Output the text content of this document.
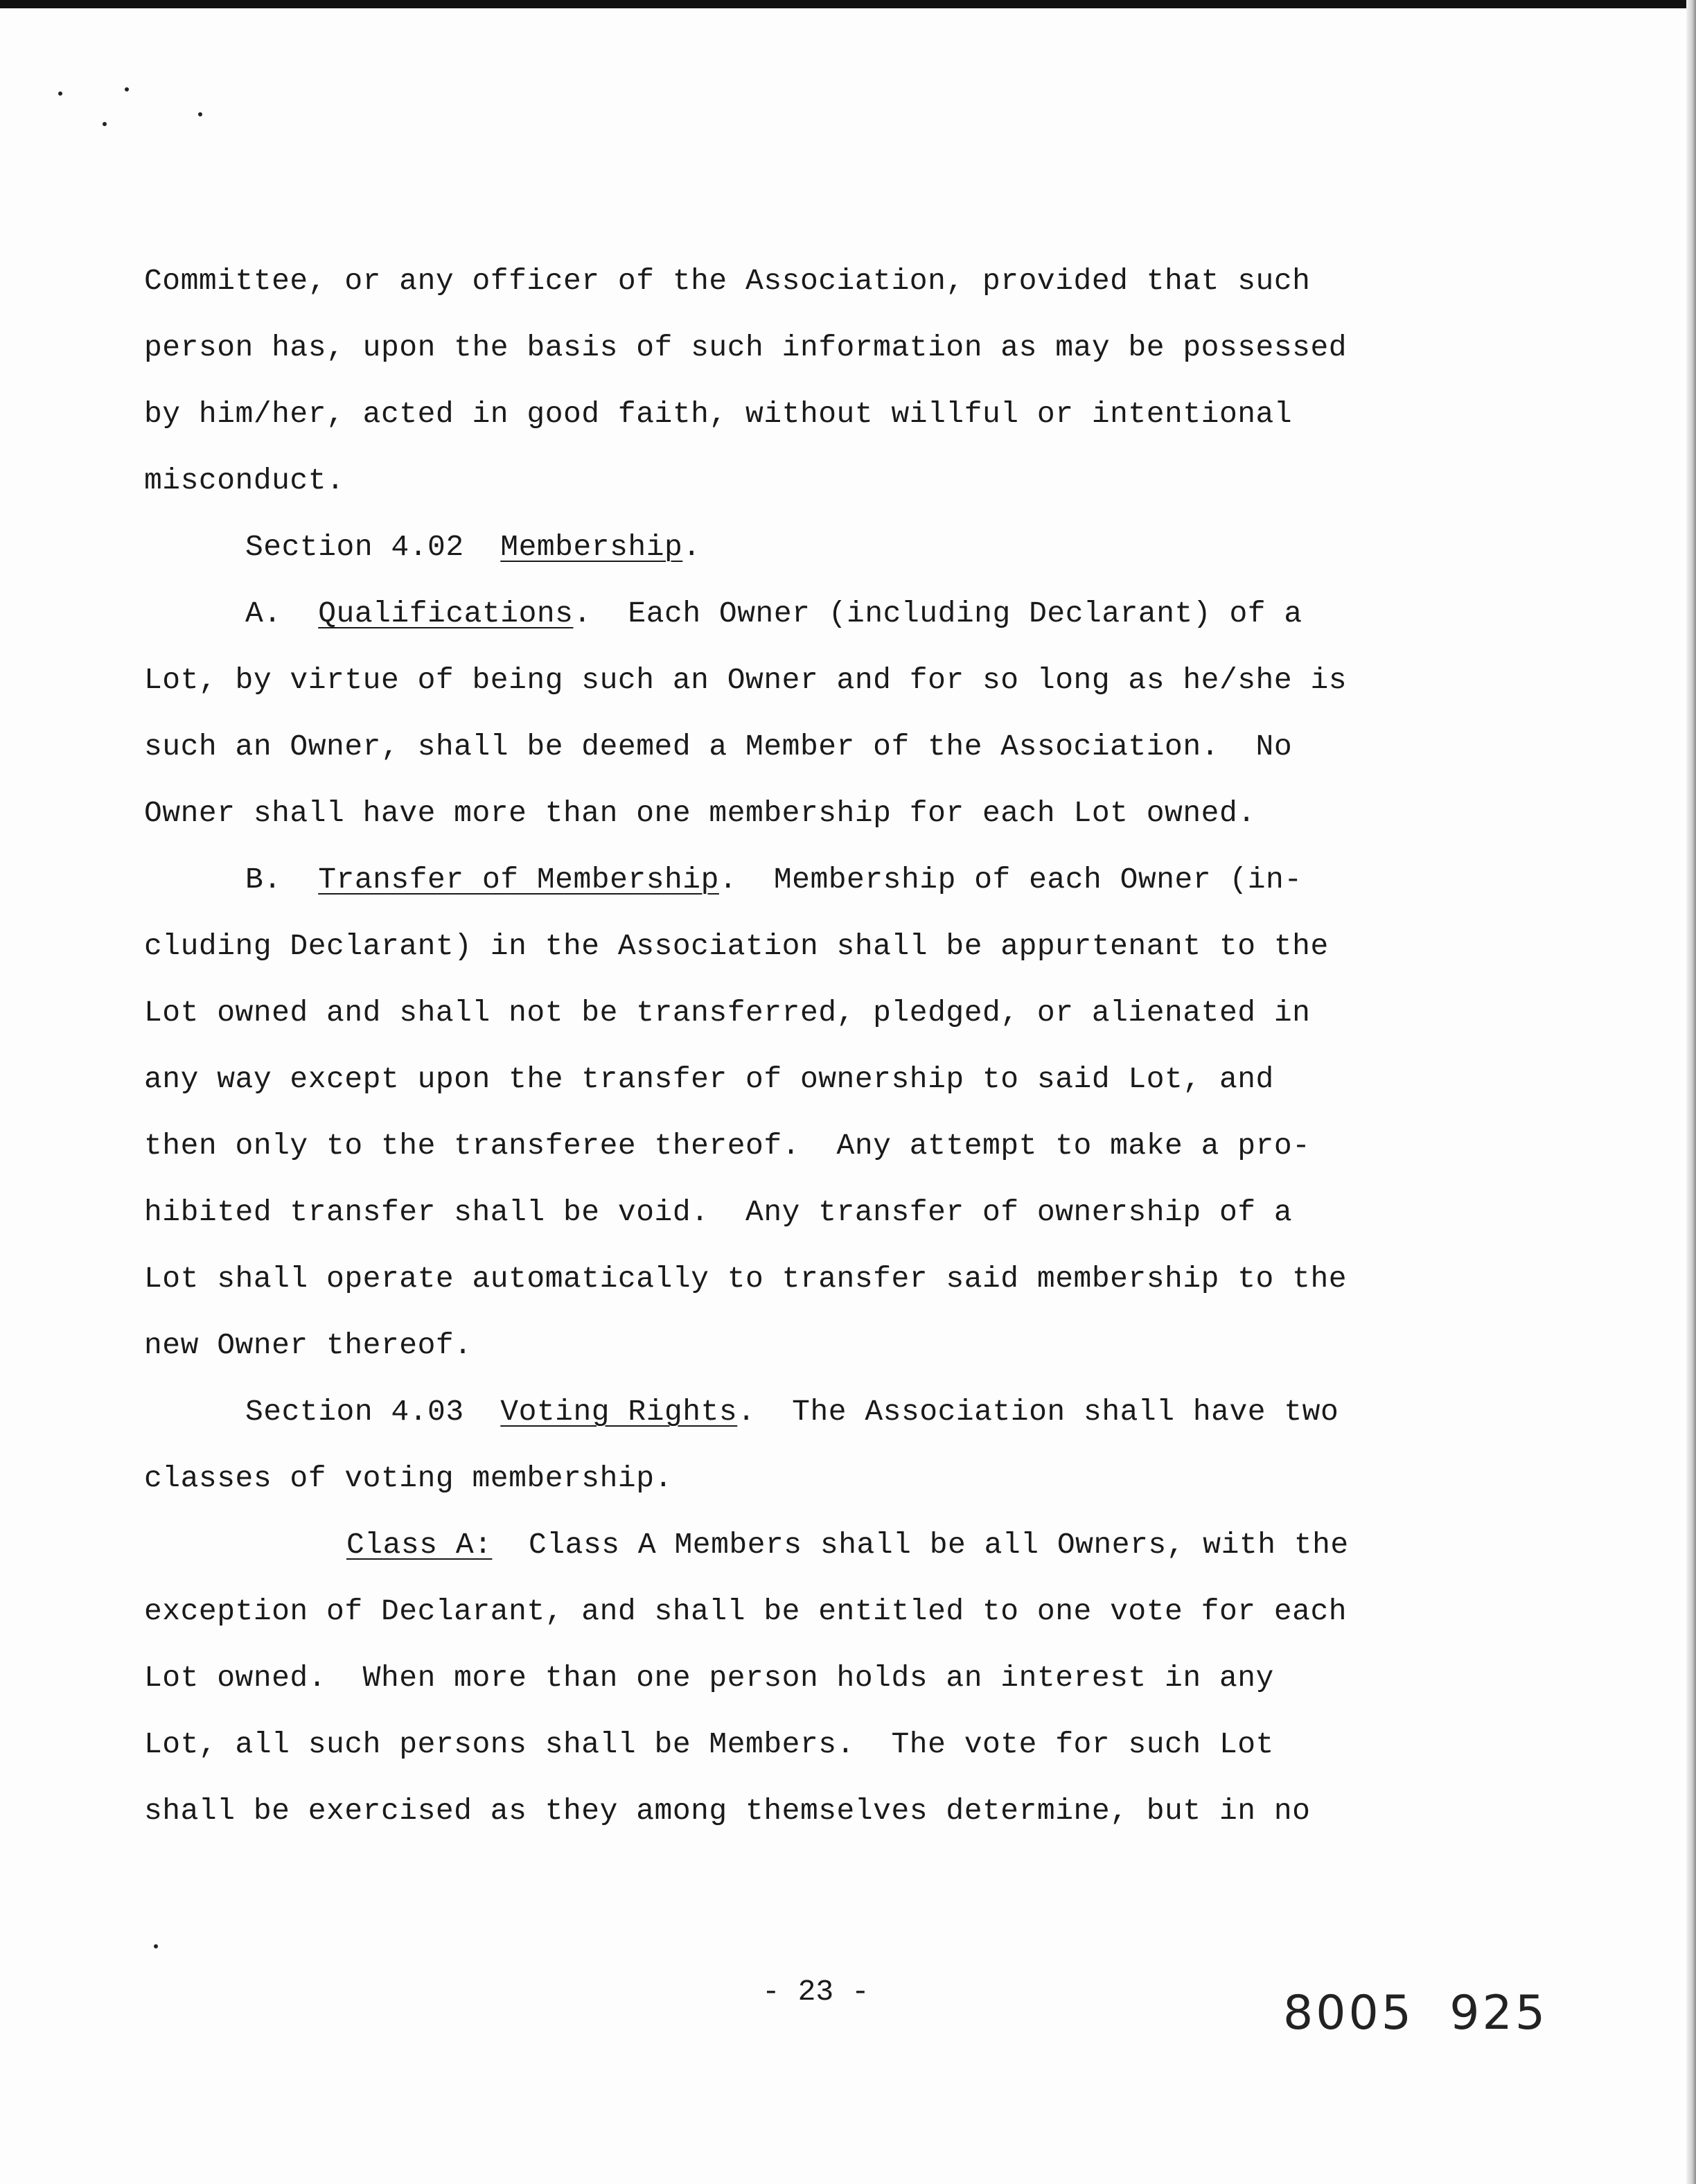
Committee, or any officer of the Association, provided that such
person has, upon the basis of such information as may be possessed
by him/her, acted in good faith, without willful or intentional
misconduct.
Section 4.02 Membership.
A. Qualifications.  Each Owner (including Declarant) of a
Lot, by virtue of being such an Owner and for so long as he/she is
such an Owner, shall be deemed a Member of the Association.  No
Owner shall have more than one membership for each Lot owned.
B. Transfer of Membership.  Membership of each Owner (in-
cluding Declarant) in the Association shall be appurtenant to the
Lot owned and shall not be transferred, pledged, or alienated in
any way except upon the transfer of ownership to said Lot, and
then only to the transferee thereof.  Any attempt to make a pro-
hibited transfer shall be void.  Any transfer of ownership of a
Lot shall operate automatically to transfer said membership to the
new Owner thereof.
Section 4.03 Voting Rights.  The Association shall have two
classes of voting membership.
Class A: Class A Members shall be all Owners, with the
exception of Declarant, and shall be entitled to one vote for each
Lot owned.  When more than one person holds an interest in any
Lot, all such persons shall be Members.  The vote for such Lot
shall be exercised as they among themselves determine, but in no
- 23 -	8005  925
